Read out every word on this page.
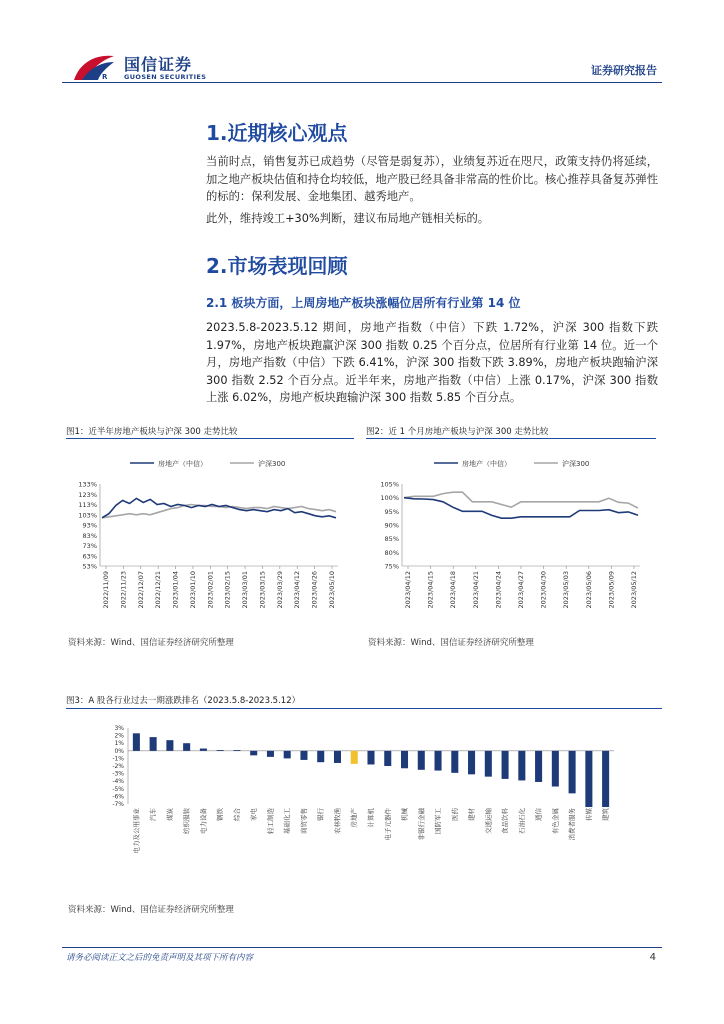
R
国信证券
GUOSEN SECURITIES	证券研究报告
1.近期核心观点
当前时点，销售复苏已成趋势（尽管是弱复苏），业绩复苏近在咫尺，政策支持仍将延续，加之地产板块估值和持仓均较低，地产股已经具备非常高的性价比。核心推荐具备复苏弹性的标的：保利发展、金地集团、越秀地产。
此外，维持竣工+30%判断，建议布局地产链相关标的。
2.市场表现回顾
2.1 板块方面，上周房地产板块涨幅位居所有行业第 14 位
2023.5.8-2023.5.12 期间，房地产指数（中信）下跌 1.72%，沪深 300 指数下跌 1.97%，房地产板块跑赢沪深 300 指数 0.25 个百分点，位居所有行业第 14 位。近一个月，房地产指数（中信）下跌 6.41%，沪深 300 指数下跌 3.89%，房地产板块跑输沪深 300 指数 2.52 个百分点。近半年来，房地产指数（中信）上涨 0.17%，沪深 300 指数上涨 6.02%，房地产板块跑输沪深 300 指数 5.85 个百分点。
图1：近半年房地产板块与沪深 300 走势比较
房地产（中信）	沪深300
133%
123%
113%
103%
93%
83%
73%
63%
53%
2022/11/09 2022/11/23 2022/12/07 2022/12/21 2023/01/04 2023/01/10 2023/02/01 2023/02/15 2023/03/01 2023/03/15 2023/03/29 2023/04/12 2023/04/26 2023/05/10
资料来源：Wind、国信证券经济研究所整理
图2：近 1 个月房地产板块与沪深 300 走势比较
房地产（中信）	沪深300
105%
100%
95%
90%
85%
80%
75%
2023/04/12 2023/04/15 2023/04/18 2023/04/21 2023/04/24 2023/04/27 2023/04/30 2023/05/03 2023/05/06 2023/05/09 2023/05/12
资料来源：Wind、国信证券经济研究所整理
图3：A 股各行业过去一期涨跌排名（2023.5.8-2023.5.12）
3%
2%
1%
0%
-1%
-2%
-3%
-4%
-5%
-6%
-7%
电力及公用事业 汽车 煤炭 纺织服装 电力设备 钢铁 综合 家电 轻工制造 基础化工 商贸零售 银行 农林牧渔 房地产 计算机 电子元器件 机械 非银行金融 国防军工 医药 建材 交通运输 食品饮料 石油石化 通信 有色金属 消费者服务 传媒 建筑
资料来源：Wind、国信证券经济研究所整理
请务必阅读正文之后的免责声明及其项下所有内容	4
